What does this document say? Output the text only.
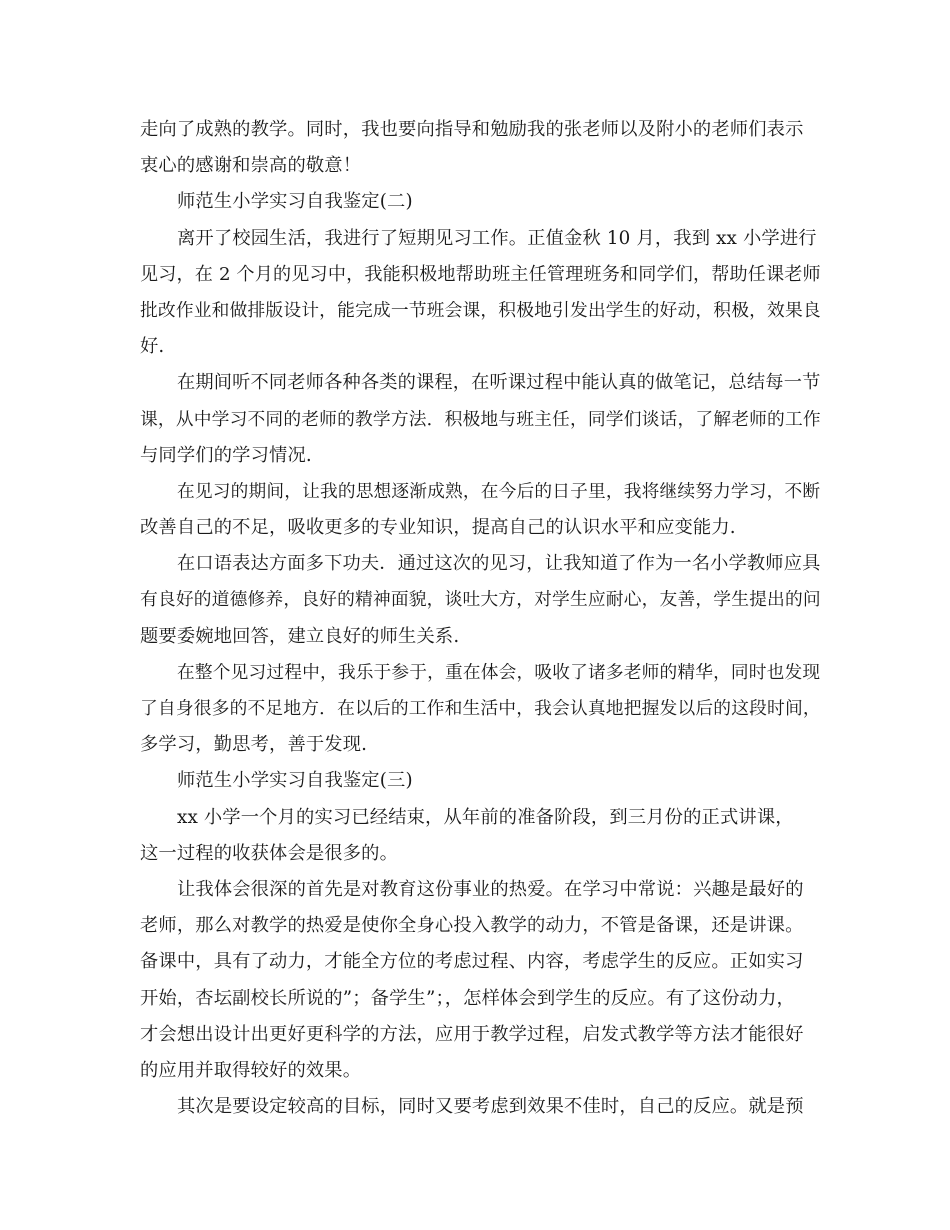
走向了成熟的教学。同时，我也要向指导和勉励我的张老师以及附小的老师们表示
衷心的感谢和崇高的敬意！
师范生小学实习自我鉴定(二)
离开了校园生活，我进行了短期见习工作。正值金秋 10 月，我到 xx 小学进行
见习，在 2 个月的见习中，我能积极地帮助班主任管理班务和同学们，帮助任课老师
批改作业和做排版设计，能完成一节班会课，积极地引发出学生的好动，积极，效果良
好.
在期间听不同老师各种各类的课程，在听课过程中能认真的做笔记，总结每一节
课，从中学习不同的老师的教学方法．积极地与班主任，同学们谈话，了解老师的工作
与同学们的学习情况.
在见习的期间，让我的思想逐渐成熟，在今后的日子里，我将继续努力学习，不断
改善自己的不足，吸收更多的专业知识，提高自己的认识水平和应变能力.
在口语表达方面多下功夫．通过这次的见习，让我知道了作为一名小学教师应具
有良好的道德修养，良好的精神面貌，谈吐大方，对学生应耐心，友善，学生提出的问
题要委婉地回答，建立良好的师生关系.
在整个见习过程中，我乐于参于，重在体会，吸收了诸多老师的精华，同时也发现
了自身很多的不足地方．在以后的工作和生活中，我会认真地把握发以后的这段时间，
多学习，勤思考，善于发现.
师范生小学实习自我鉴定(三)
xx 小学一个月的实习已经结束，从年前的准备阶段，到三月份的正式讲课，
这一过程的收获体会是很多的。
让我体会很深的首先是对教育这份事业的热爱。在学习中常说：兴趣是最好的
老师，那么对教学的热爱是使你全身心投入教学的动力，不管是备课，还是讲课。
备课中，具有了动力，才能全方位的考虑过程、内容，考虑学生的反应。正如实习
开始，杏坛副校长所说的”；备学生”；，怎样体会到学生的反应。有了这份动力，
才会想出设计出更好更科学的方法，应用于教学过程，启发式教学等方法才能很好
的应用并取得较好的效果。
其次是要设定较高的目标，同时又要考虑到效果不佳时，自己的反应。就是预
